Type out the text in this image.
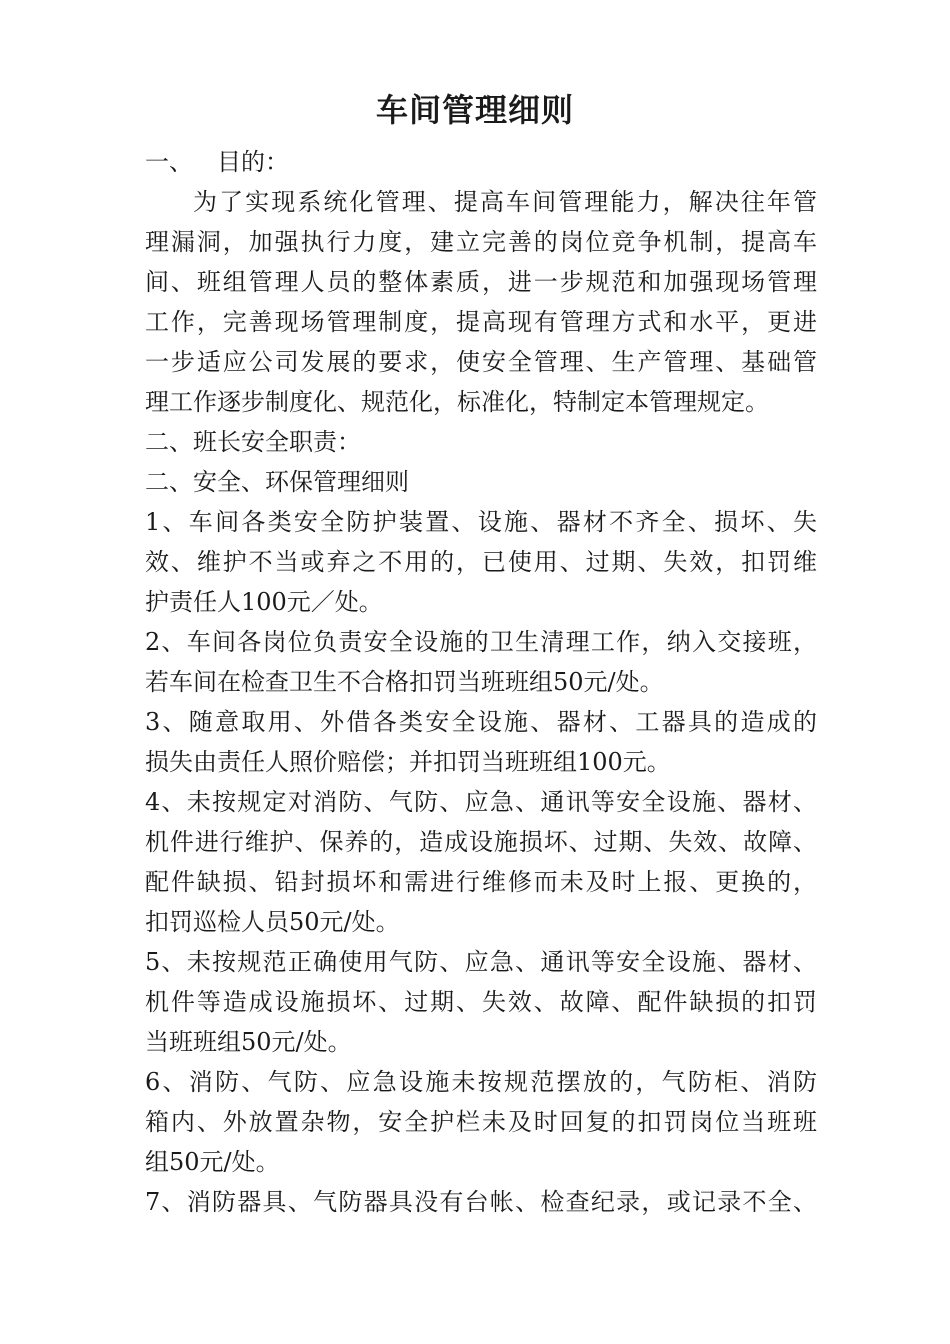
车间管理细则
一、 目的：
为了实现系统化管理、提高车间管理能力，解决往年管
理漏洞，加强执行力度，建立完善的岗位竞争机制，提高车
间、班组管理人员的整体素质，进一步规范和加强现场管理
工作，完善现场管理制度，提高现有管理方式和水平，更进
一步适应公司发展的要求，使安全管理、生产管理、基础管
理工作逐步制度化、规范化，标准化，特制定本管理规定。
二、班长安全职责：
二、安全、环保管理细则
1、车间各类安全防护装置、设施、器材不齐全、损坏、失
效、维护不当或弃之不用的，已使用、过期、失效，扣罚维
护责任人100元／处。
2、车间各岗位负责安全设施的卫生清理工作，纳入交接班，
若车间在检查卫生不合格扣罚当班班组50元/处。
3、随意取用、外借各类安全设施、器材、工器具的造成的
损失由责任人照价赔偿；并扣罚当班班组100元。
4、未按规定对消防、气防、应急、通讯等安全设施、器材、
机件进行维护、保养的，造成设施损坏、过期、失效、故障、
配件缺损、铅封损坏和需进行维修而未及时上报、更换的，
扣罚巡检人员50元/处。
5、未按规范正确使用气防、应急、通讯等安全设施、器材、
机件等造成设施损坏、过期、失效、故障、配件缺损的扣罚
当班班组50元/处。
6、消防、气防、应急设施未按规范摆放的，气防柜、消防
箱内、外放置杂物，安全护栏未及时回复的扣罚岗位当班班
组50元/处。
7、消防器具、气防器具没有台帐、检查纪录，或记录不全、
